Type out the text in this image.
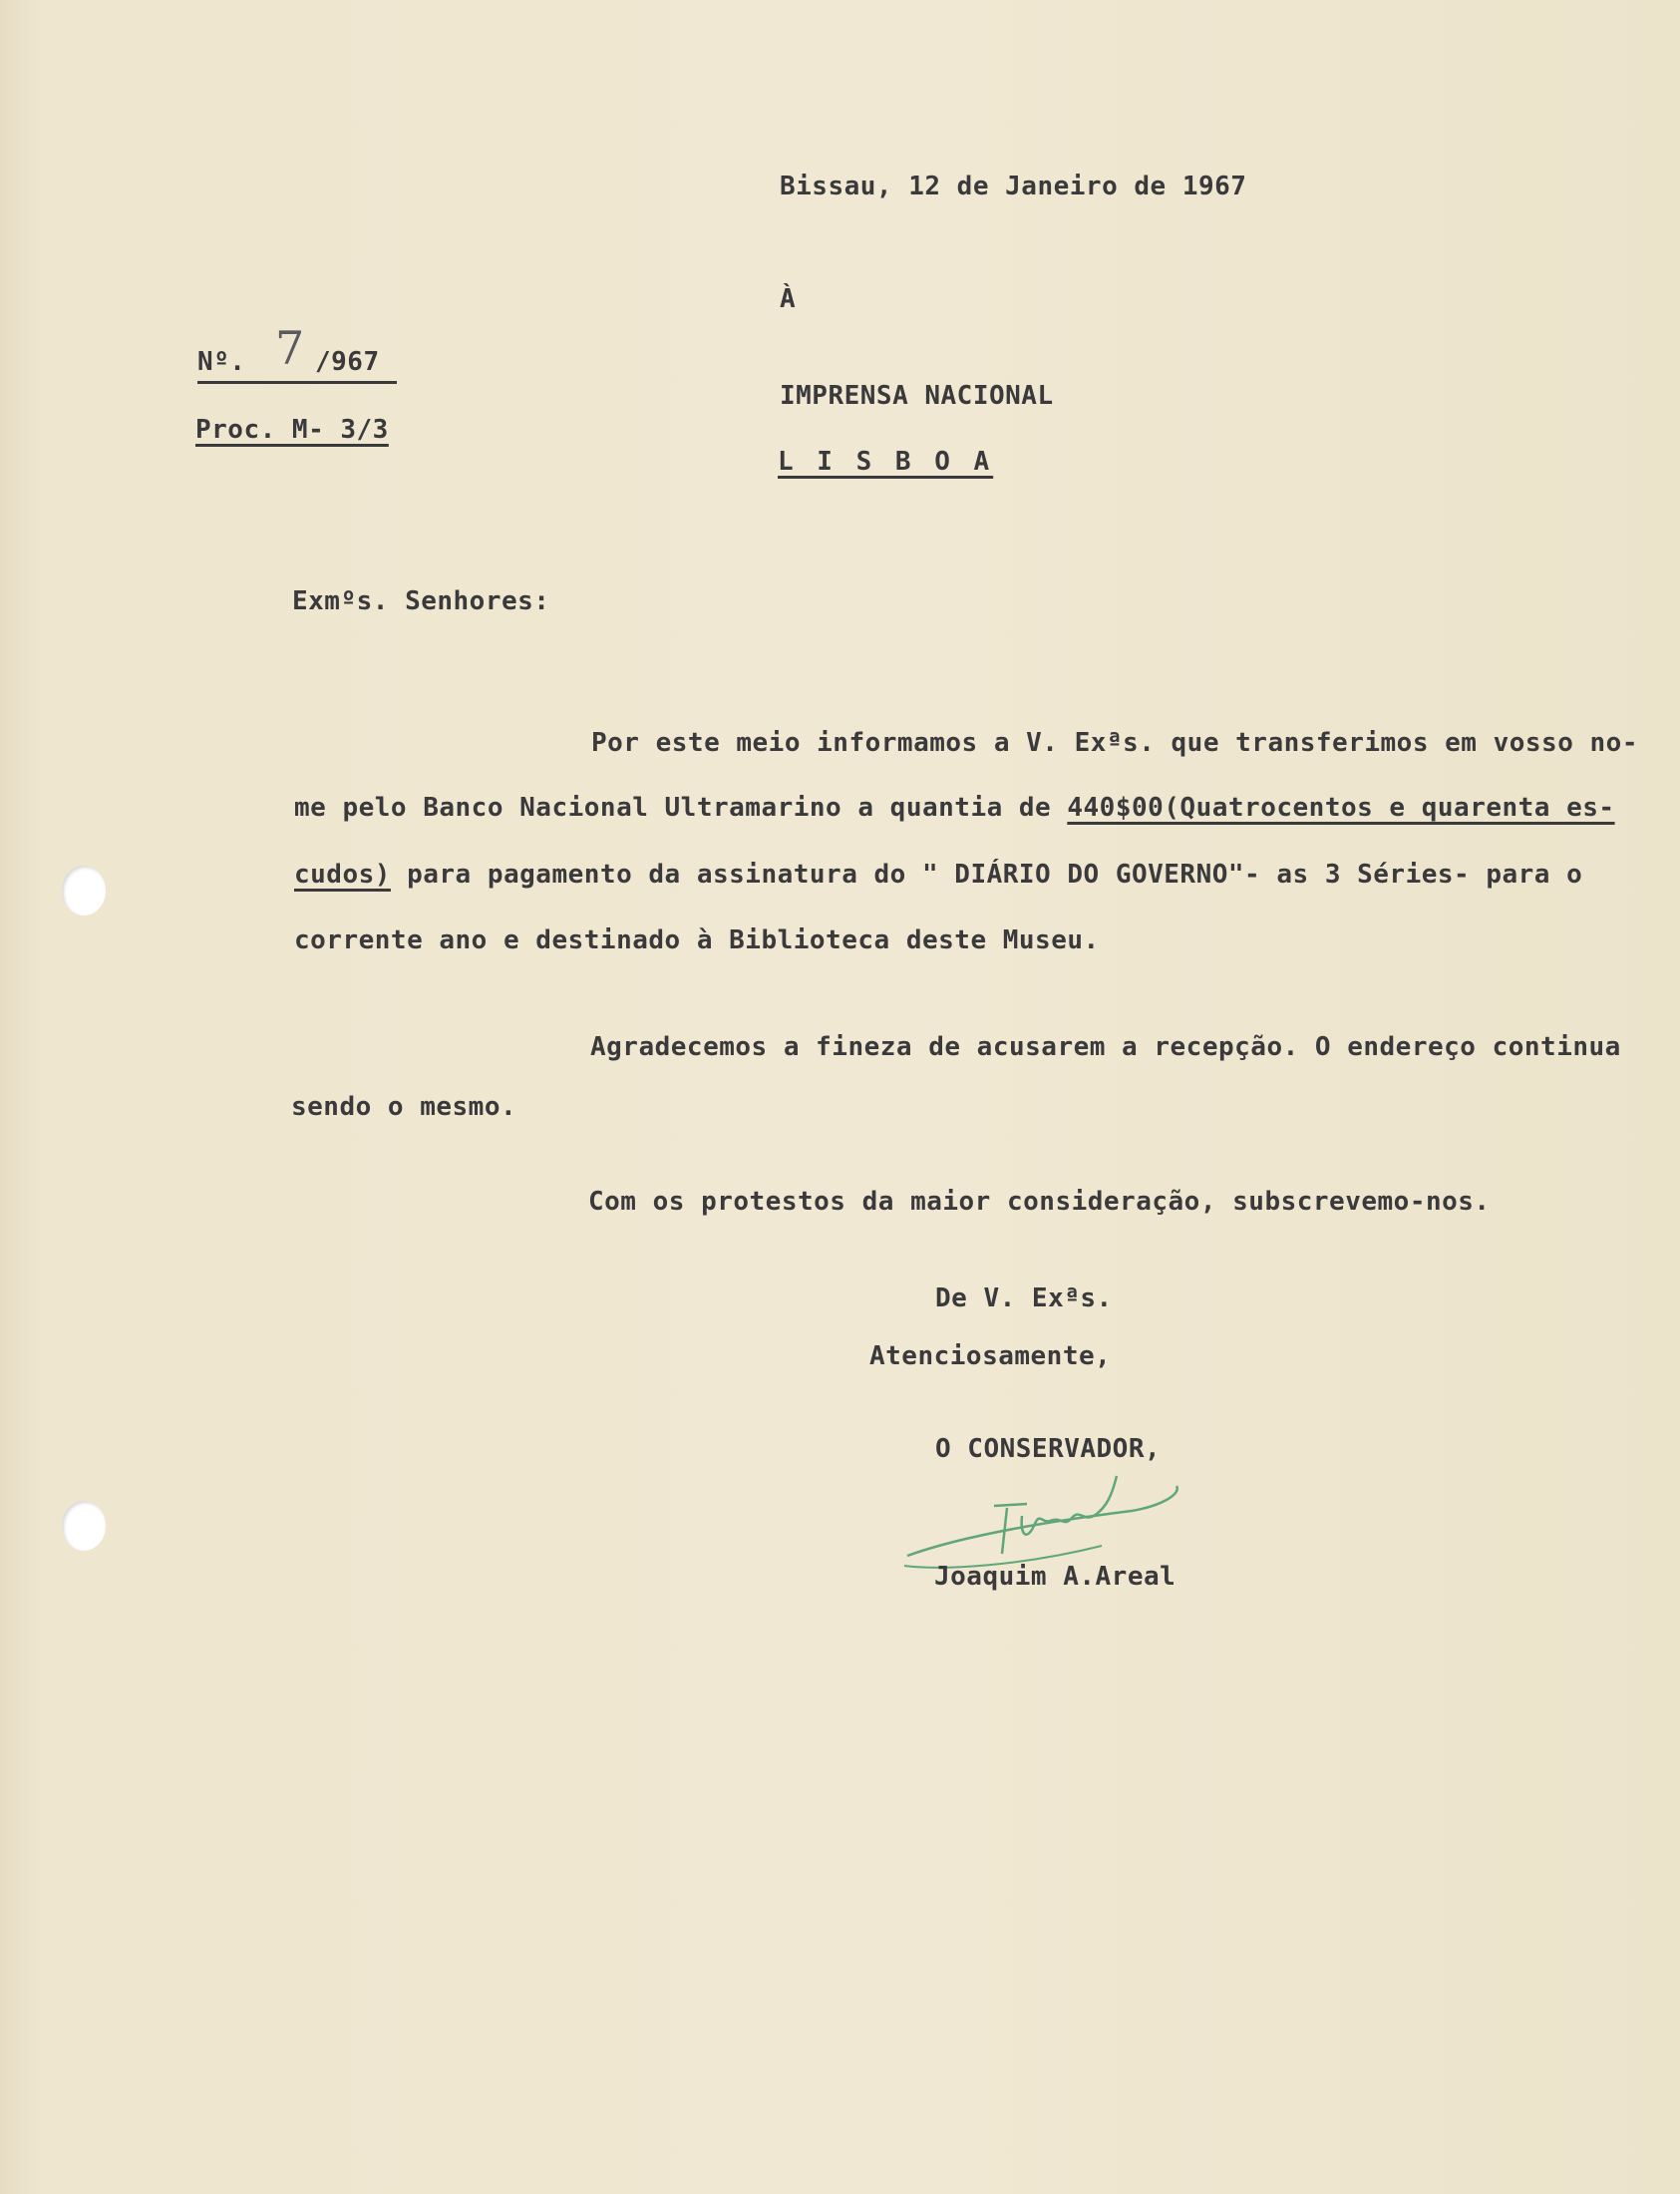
Bissau, 12 de Janeiro de 1967
À
IMPRENSA NACIONAL
L I S B O A
Nº. 7 /967
Proc. M- 3/3
Exmºs. Senhores:
Por este meio informamos a V. Exªs. que transferimos em vosso no-
me pelo Banco Nacional Ultramarino a quantia de 440$00(Quatrocentos e quarenta es-
cudos) para pagamento da assinatura do " DIÁRIO DO GOVERNO"- as 3 Séries- para o
corrente ano e destinado à Biblioteca deste Museu.
Agradecemos a fineza de acusarem a recepção. O endereço continua
sendo o mesmo.
Com os protestos da maior consideração, subscrevemo-nos.
De V. Exªs.
Atenciosamente,
O CONSERVADOR,
Joaquim A.Areal
